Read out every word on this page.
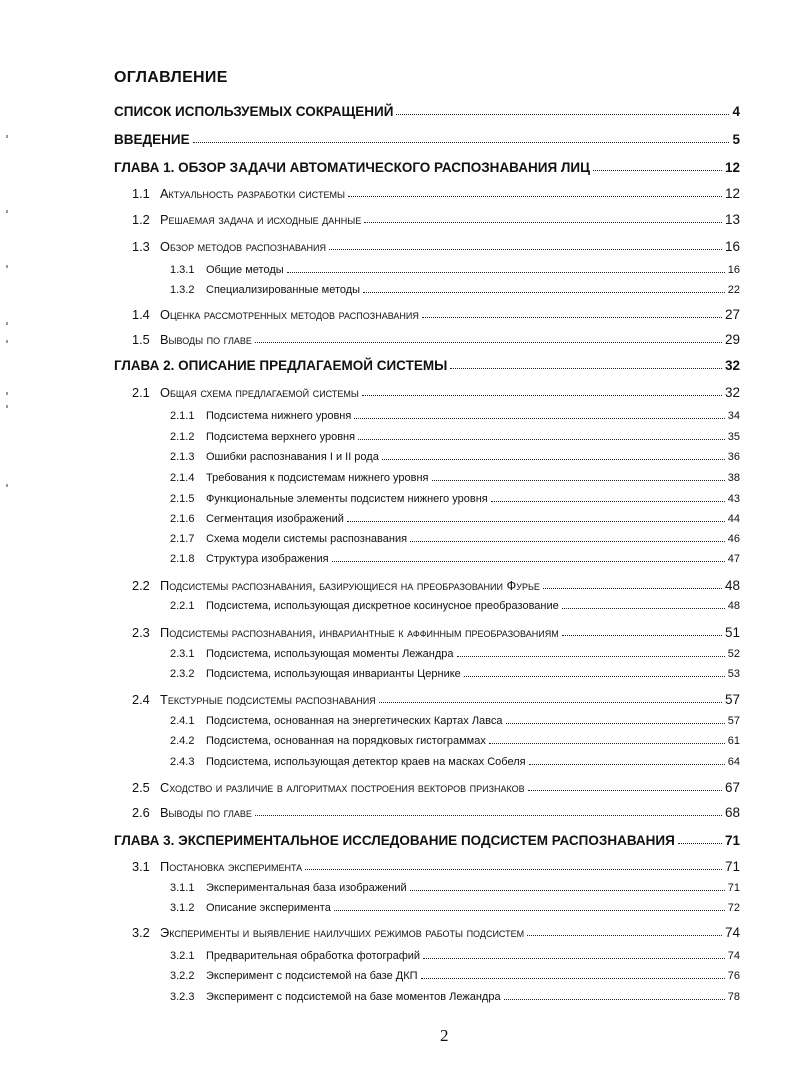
ОГЛАВЛЕНИЕ
СПИСОК ИСПОЛЬЗУЕМЫХ СОКРАЩЕНИЙ	4
ВВЕДЕНИЕ	5
ГЛАВА 1. ОБЗОР ЗАДАЧИ АВТОМАТИЧЕСКОГО РАСПОЗНАВАНИЯ ЛИЦ	12
1.1 Актуальность разработки системы	12
1.2 Решаемая задача и исходные данные	13
1.3 Обзор методов распознавания	16
1.3.1	Общие методы	16
1.3.2	Специализированные методы	22
1.4 Оценка рассмотренных методов распознавания	27
1.5 Выводы по главе	29
ГЛАВА 2. ОПИСАНИЕ ПРЕДЛАГАЕМОЙ СИСТЕМЫ	32
2.1 Общая схема предлагаемой системы	32
2.1.1	Подсистема нижнего уровня	34
2.1.2	Подсистема верхнего уровня	35
2.1.3	Ошибки распознавания I и II рода	36
2.1.4	Требования к подсистемам нижнего уровня	38
2.1.5	Функциональные элементы подсистем нижнего уровня	43
2.1.6	Сегментация изображений	44
2.1.7	Схема модели системы распознавания	46
2.1.8	Структура изображения	47
2.2 Подсистемы распознавания, базирующиеся на преобразовании Фурье	48
2.2.1	Подсистема, использующая дискретное косинусное преобразование	48
2.3 Подсистемы распознавания, инвариантные к аффинным преобразованиям	51
2.3.1	Подсистема, использующая моменты Лежандра	52
2.3.2	Подсистема, использующая инварианты Цернике	53
2.4 Текстурные подсистемы распознавания	57
2.4.1	Подсистема, основанная на энергетических Картах Лавса	57
2.4.2	Подсистема, основанная на порядковых гистограммах	61
2.4.3	Подсистема, использующая детектор краев на масках Собеля	64
2.5 Сходство и различие в алгоритмах построения векторов признаков	67
2.6 Выводы по главе	68
ГЛАВА 3. ЭКСПЕРИМЕНТАЛЬНОЕ ИССЛЕДОВАНИЕ ПОДСИСТЕМ РАСПОЗНАВАНИЯ	71
3.1 Постановка эксперимента	71
3.1.1	Экспериментальная база изображений	71
3.1.2	Описание эксперимента	72
3.2 Эксперименты и выявление наилучших режимов работы подсистем	74
3.2.1	Предварительная обработка фотографий	74
3.2.2	Эксперимент с подсистемой на базе ДКП	76
3.2.3	Эксперимент с подсистемой на базе моментов Лежандра	78
2
